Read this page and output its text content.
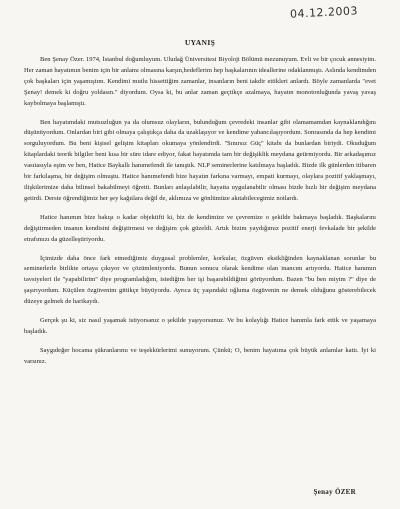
04.12.2003
UYANIŞ

Ben Şenay Özer. 1974, İstanbul doğumluyum. Uludağ Üniversitesi Biyoloji Bölümü mezunuyum. Evli ve bir çocuk annesiyim. Her zaman hayatımın benim için bir anlamı olmasına karşın,hedeflerim hep başkalarının ideallerine odaklanmıştı. Aslında kendimden çok başkaları için yaşamıştım. Kendimi mutlu hissettiğim zamanlar, insanların beni takdir ettikleri anlardı. Böyle zamanlarda "evet Şenay! demek ki doğru yoldasın." diyordum. Oysa ki, bu anlar zaman geçtikçe azalmaya, hayatın monotonluğunda yavaş yavaş kaybolmaya başlamıştı.

Ben hayatımdaki mutsuzluğun ya da olumsuz olayların, bulunduğum çevredeki insanlar gibi olamamamdan kaynaklandığını düşünüyordum. Onlardan biri gibi olmaya çalıştıkça daha da uzaklaşıyor ve kendime yabancılaşıyordum. Sonrasında da hep kendimi sorguluyordum. Bu beni kişisel gelişim kitapları okumaya yönlendirdi. ''Sınırsız Güç'' kitabı da bunlardan biriydi. Okuduğum kitaplardaki teorik bilgiler beni kısa bir süre idare ediyor, fakat hayatımda tam bir değişiklik meydana getirmiyordu. Bir arkadaşımız vasıtasıyla eşim ve ben, Hatice Baykallı hanımefendi ile tanıştık. NLP seminerlerine katılmaya başladık. Bizde ilk günlerden itibaren bir farkılaşma, bir değişim olmuştu. Hatice hanımefendi bize hayatın farkına varmayı, empati kurmayı, olaylara pozitif yaklaşmayı, ilişkilerimize daha bilinsel bakabilmeyi öğretti. Bunları anlaşılabilir, hayatta uygulanabilir olması bizde hızlı bir değişim meydana getirdi. Derste öğrendiğimiz her şey kağıtlara değil de, aklımıza ve gönlümüze akıtabilecegimiz notlardı.

Hatice hanımın bize bakışı o kadar objektifti ki, biz de kendimize ve çevremize o şekilde bakmaya başladık. Başkalarını değiştirmeden insanın kendisini değiştirmesi ve değişim çok güzeldi. Artık bizim yaydığımız pozitif enerji fevkalade bir şekilde etrafımızı da güzelleştiriyordu.

İçimizde daha önce fark etmediğimiz duygusal problemler, korkular, özgüven eksikliğinden kaynaklanan sorunlar bu seminerlerle birlikte ortaya çıkıyor ve çözümleniyordu. Bunun sonucu olarak kendime olan inancım artıyordu. Hatice hanımın tavsiyeleri ile ''yapabilirim'' diye programladığım, istediğim her işi başarabildiğimi görüyordum. Bazen ''bu ben miyim ?'' diye de şaşırıyordum. Küçülen özgüvenim gittikçe büyüyordu. Ayrıca üç yaşındaki oğluma özgüvenin ne demek olduğunu gösterebilecek düzeye gelmek de harikaydı.

Gerçek şu ki, siz nasıl yaşamak istiyorsanız o şekilde yaşıyorsunuz. Ve bu kolaylığı Hatice hanımla fark ettik ve yaşamaya başladık.

Saygıdeğer hocama şükranlarımı ve teşekkürlerimi sunuyorum. Çünkü; O, benim hayatıma çok büyük anlamlar kattı. İyi ki varsınız.

Şenay ÖZER
